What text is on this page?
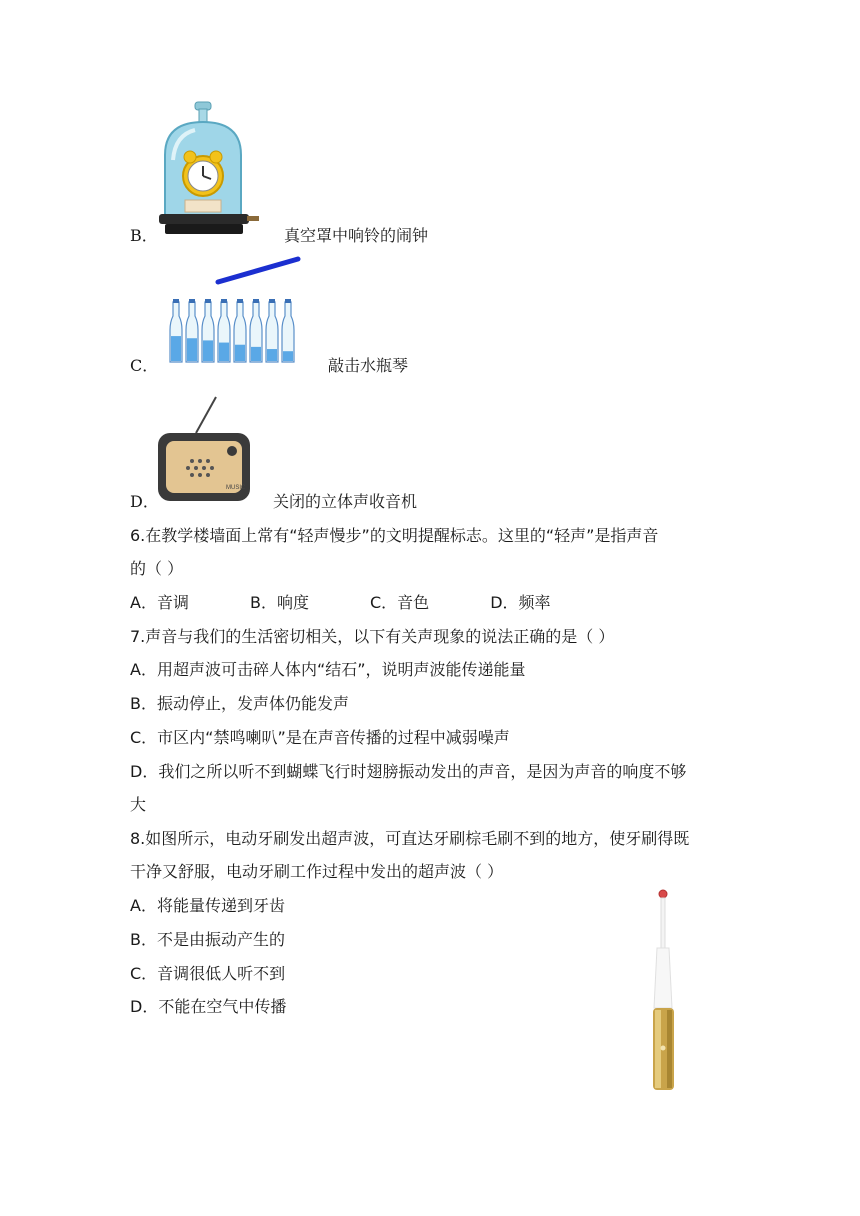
B．	真空罩中响铃的闹钟
C．	敲击水瓶琴
MUSIC
D．	关闭的立体声收音机
6.在教学楼墙面上常有“轻声慢步”的文明提醒标志。这里的“轻声”是指声音
的（ ）
A．音调            B．响度            C．音色            D．频率
7.声音与我们的生活密切相关，以下有关声现象的说法正确的是（ ）
A．用超声波可击碎人体内“结石”，说明声波能传递能量
B．振动停止，发声体仍能发声
C．市区内“禁鸣喇叭”是在声音传播的过程中减弱噪声
D．我们之所以听不到蝴蝶飞行时翅膀振动发出的声音，是因为声音的响度不够
大
8.如图所示，电动牙刷发出超声波，可直达牙刷棕毛刷不到的地方，使牙刷得既
干净又舒服，电动牙刷工作过程中发出的超声波（ ）
A．将能量传递到牙齿
B．不是由振动产生的
C．音调很低人听不到
D．不能在空气中传播
